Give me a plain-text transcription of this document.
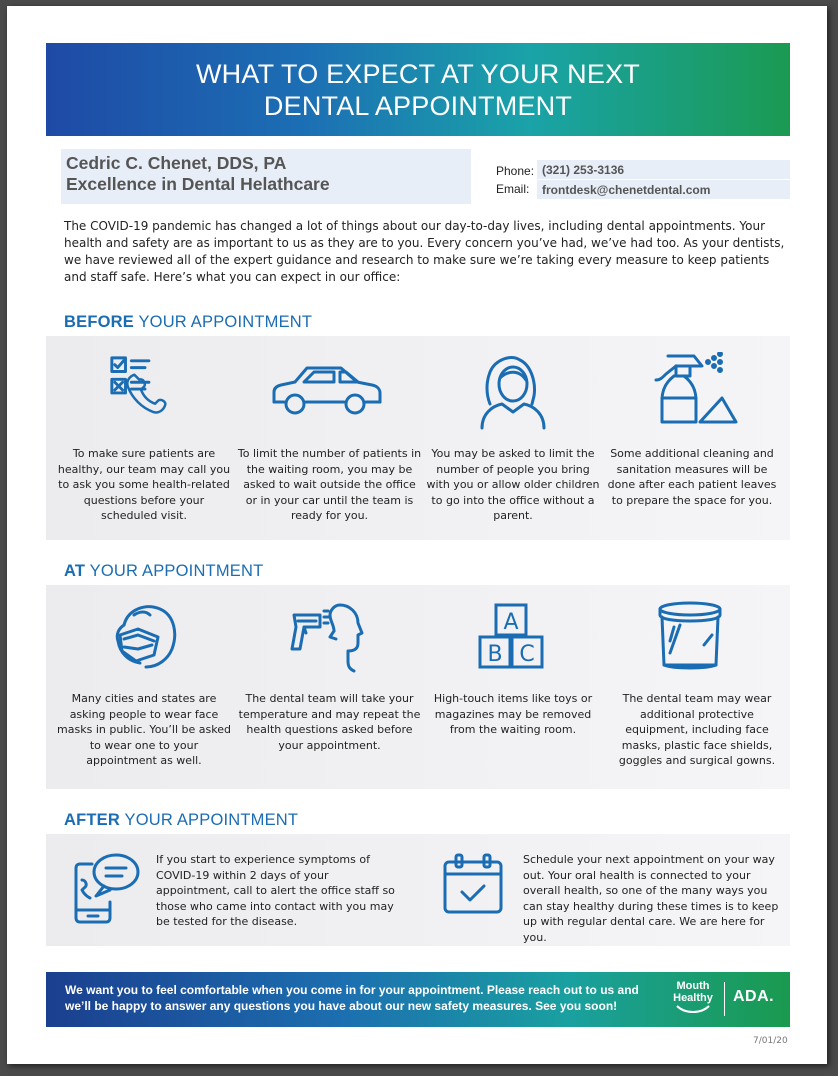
WHAT TO EXPECT AT YOUR NEXT
DENTAL APPOINTMENT
Cedric C. Chenet, DDS, PA
Excellence in Dental Helathcare
Phone: (321) 253-3136
Email:	frontdesk@chenetdental.com
The COVID-19 pandemic has changed a lot of things about our day-to-day lives, including dental appointments. Your health and safety are as important to us as they are to you. Every concern you’ve had, we’ve had too. As your dentists, we have reviewed all of the expert guidance and research to make sure we’re taking every measure to keep patients and staff safe. Here’s what you can expect in our office:
BEFORE YOUR APPOINTMENT
To make sure patients are healthy, our team may call you to ask you some health-related questions before your scheduled visit.
To limit the number of patients in the waiting room, you may be asked to wait outside the office or in your car until the team is ready for you.
You may be asked to limit the number of people you bring with you or allow older children to go into the office without a parent.
Some additional cleaning and sanitation measures will be done after each patient leaves to prepare the space for you.
AT YOUR APPOINTMENT
A
B C
Many cities and states are asking people to wear face masks in public. You’ll be asked to wear one to your appointment as well.
The dental team will take your temperature and may repeat the health questions asked before your appointment.
High-touch items like toys or magazines may be removed from the waiting room.
The dental team may wear additional protective equipment, including face masks, plastic face shields, goggles and surgical gowns.
AFTER YOUR APPOINTMENT
If you start to experience symptoms of COVID-19 within 2 days of your appointment, call to alert the office staff so those who came into contact with you may be tested for the disease.
Schedule your next appointment on your way out. Your oral health is connected to your overall health, so one of the many ways you can stay healthy during these times is to keep up with regular dental care. We are here for you.
We want you to feel comfortable when you come in for your appointment. Please reach out to us and we’ll be happy to answer any questions you have about our new safety measures. See you soon!
Mouth
Healthy	ADA.
7/01/20
